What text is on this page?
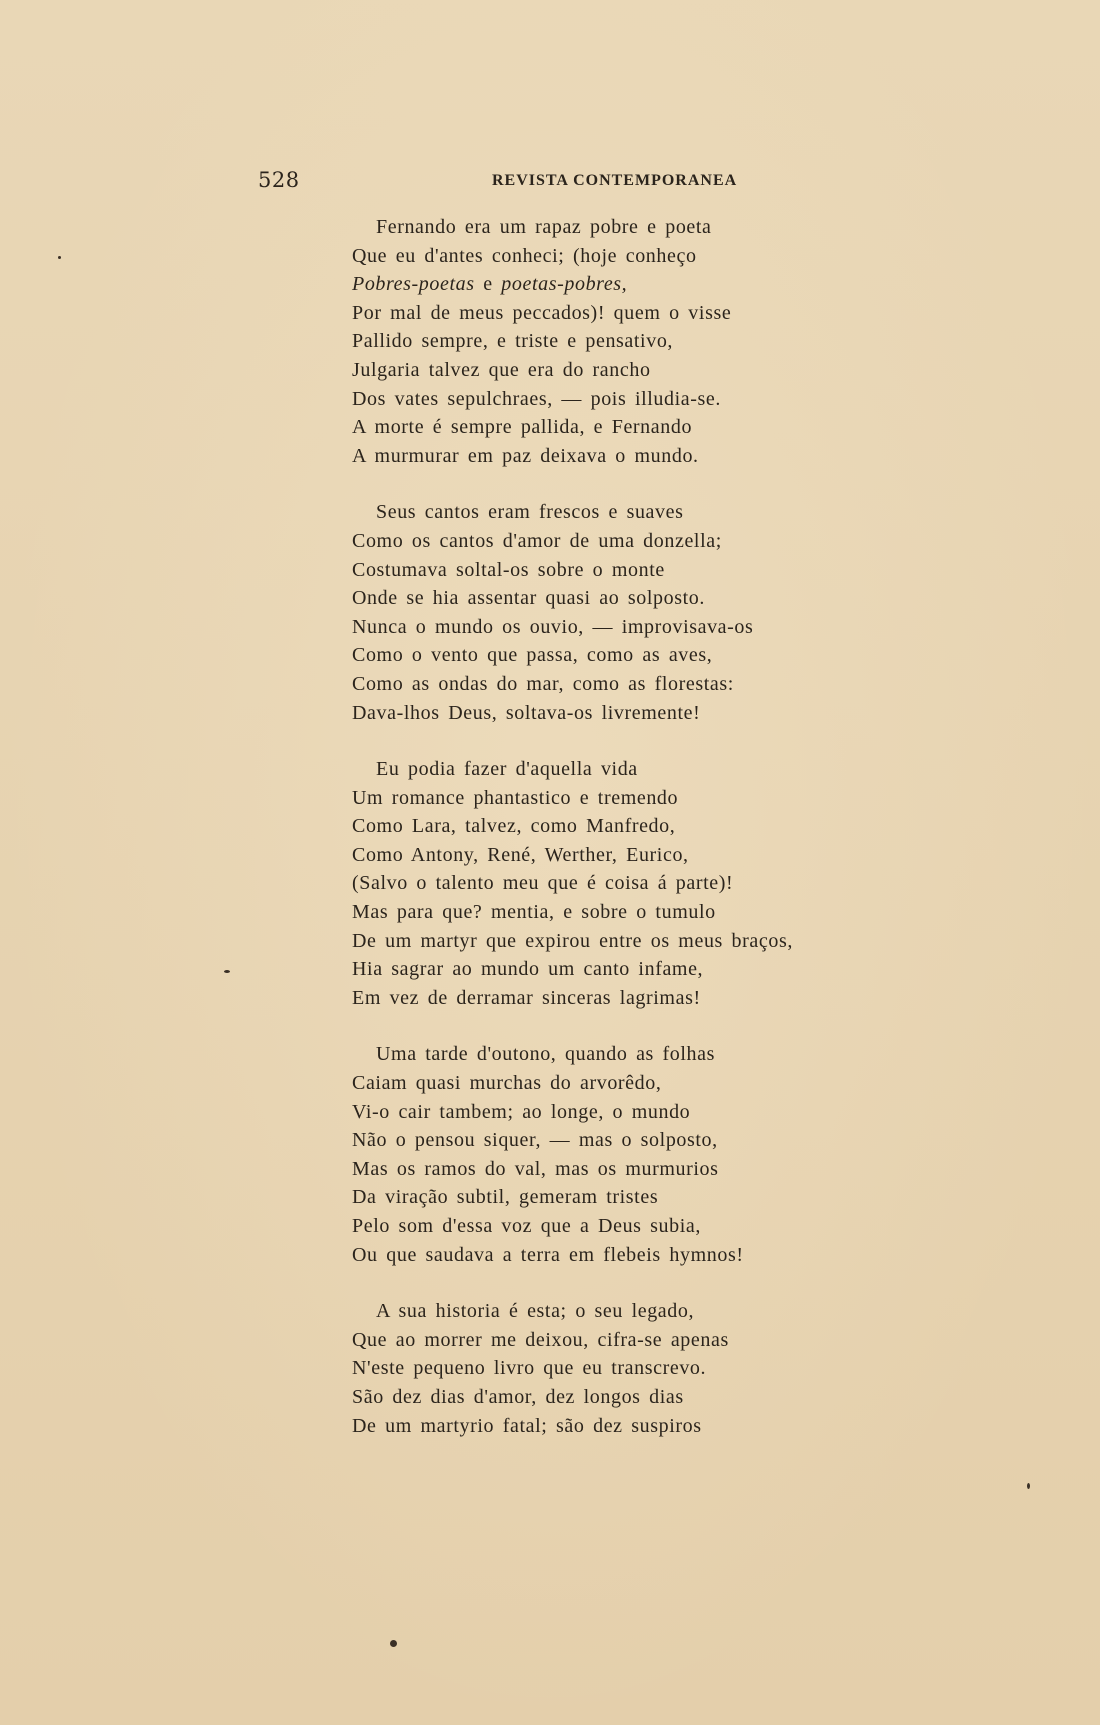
528	REVISTA CONTEMPORANEA
Fernando era um rapaz pobre e poeta
Que eu d'antes conheci; (hoje conheço
Pobres-poetas e poetas-pobres,
Por mal de meus peccados)! quem o visse
Pallido sempre, e triste e pensativo,
Julgaria talvez que era do rancho
Dos vates sepulchraes, — pois illudia-se.
A morte é sempre pallida, e Fernando
A murmurar em paz deixava o mundo.
Seus cantos eram frescos e suaves
Como os cantos d'amor de uma donzella;
Costumava soltal-os sobre o monte
Onde se hia assentar quasi ao solposto.
Nunca o mundo os ouvio, — improvisava-os
Como o vento que passa, como as aves,
Como as ondas do mar, como as florestas:
Dava-lhos Deus, soltava-os livremente!
Eu podia fazer d'aquella vida
Um romance phantastico e tremendo
Como Lara, talvez, como Manfredo,
Como Antony, René, Werther, Eurico,
(Salvo o talento meu que é coisa á parte)!
Mas para que? mentia, e sobre o tumulo
De um martyr que expirou entre os meus braços,
Hia sagrar ao mundo um canto infame,
Em vez de derramar sinceras lagrimas!
Uma tarde d'outono, quando as folhas
Caiam quasi murchas do arvorêdo,
Vi-o cair tambem; ao longe, o mundo
Não o pensou siquer, — mas o solposto,
Mas os ramos do val, mas os murmurios
Da viração subtil, gemeram tristes
Pelo som d'essa voz que a Deus subia,
Ou que saudava a terra em flebeis hymnos!
A sua historia é esta; o seu legado,
Que ao morrer me deixou, cifra-se apenas
N'este pequeno livro que eu transcrevo.
São dez dias d'amor, dez longos dias
De um martyrio fatal; são dez suspiros
